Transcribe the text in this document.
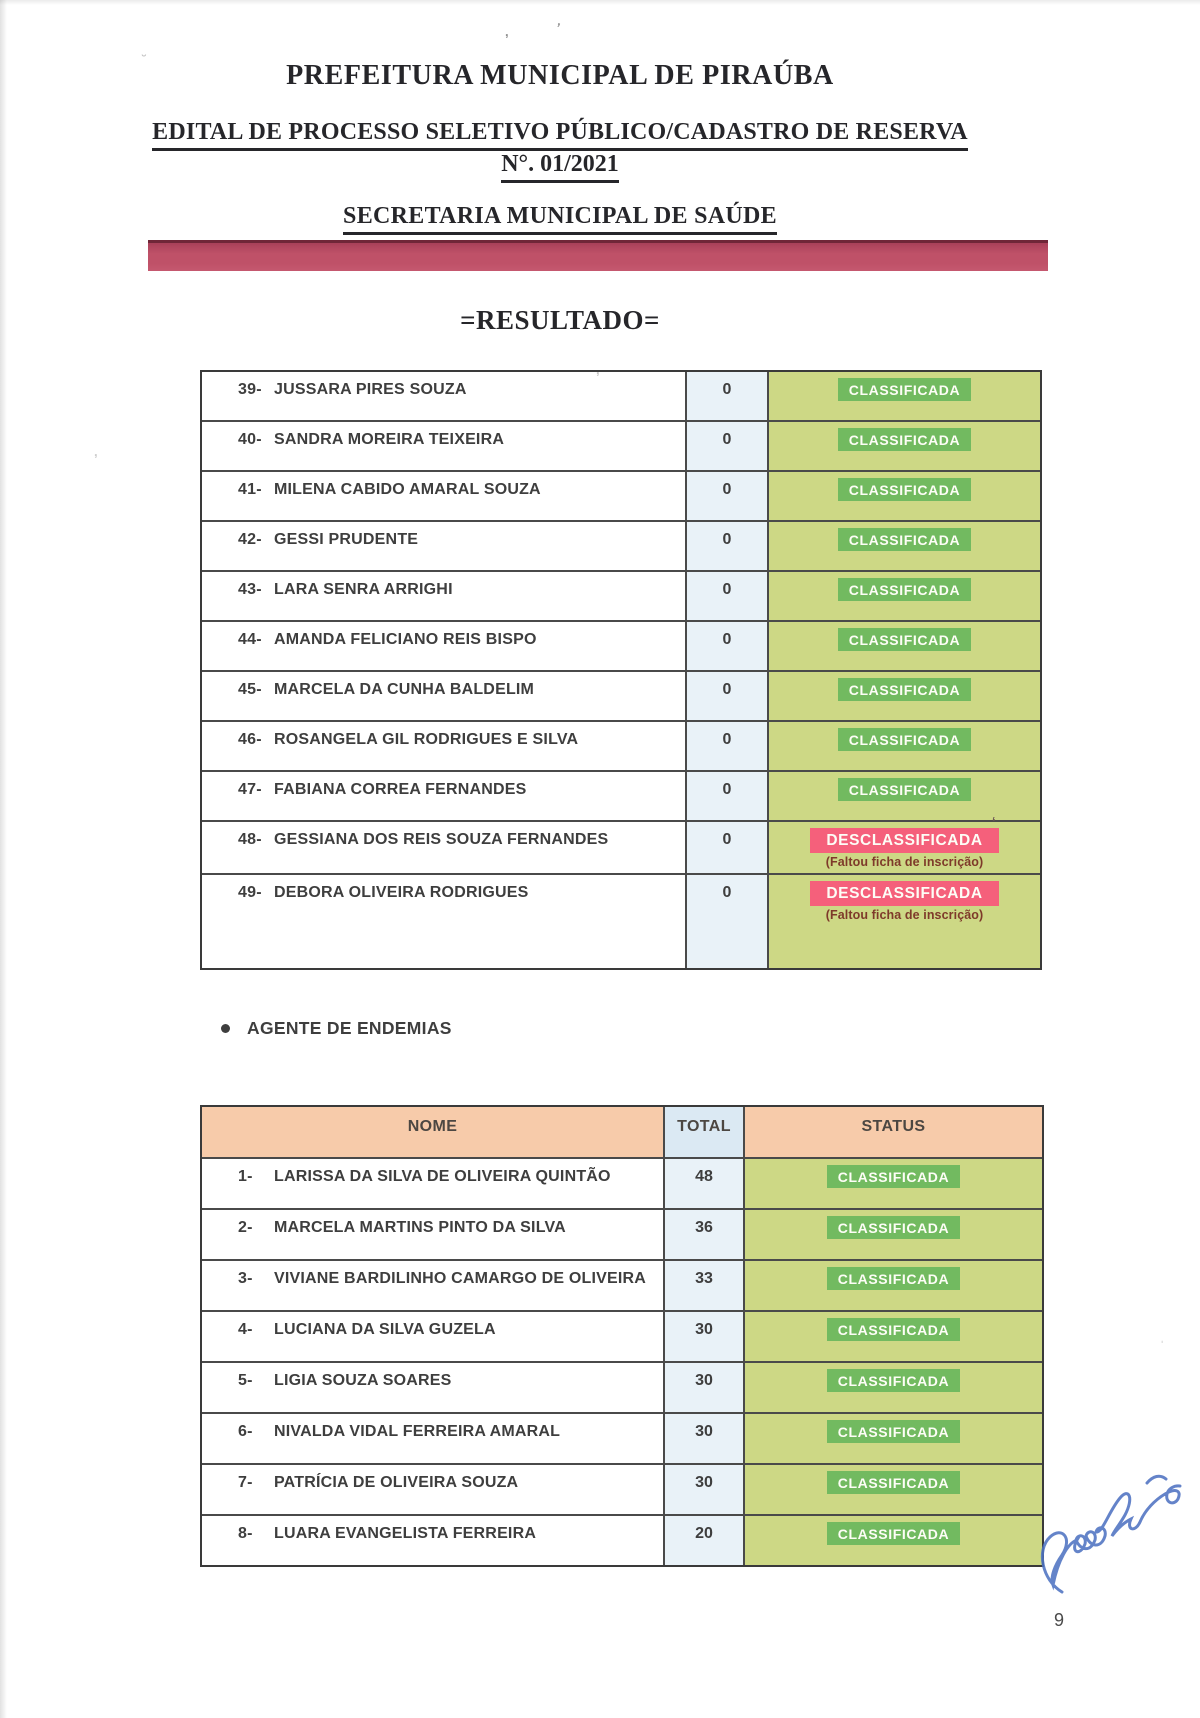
PREFEITURA MUNICIPAL DE PIRAÚBA
EDITAL DE PROCESSO SELETIVO PÚBLICO/CADASTRO DE RESERVA
N°. 01/2021
SECRETARIA MUNICIPAL DE SAÚDE
=RESULTADO=
39- JUSSARA PIRES SOUZA	0	CLASSIFICADA
40- SANDRA MOREIRA TEIXEIRA	0	CLASSIFICADA
41- MILENA CABIDO AMARAL SOUZA	0	CLASSIFICADA
42- GESSI PRUDENTE	0	CLASSIFICADA
43- LARA SENRA ARRIGHI	0	CLASSIFICADA
44- AMANDA FELICIANO REIS BISPO	0	CLASSIFICADA
45- MARCELA DA CUNHA BALDELIM	0	CLASSIFICADA
46- ROSANGELA GIL RODRIGUES E SILVA	0	CLASSIFICADA
47- FABIANA CORREA FERNANDES	0	CLASSIFICADA
48- GESSIANA DOS REIS SOUZA FERNANDES	0	DESCLASSIFICADA
(Faltou ficha de inscrição)
49- DEBORA OLIVEIRA RODRIGUES	0	DESCLASSIFICADA
(Faltou ficha de inscrição)
AGENTE DE ENDEMIAS
NOME	TOTAL	STATUS
1- LARISSA DA SILVA DE OLIVEIRA QUINTÃO	48	CLASSIFICADA
2- MARCELA MARTINS PINTO DA SILVA	36	CLASSIFICADA
3- VIVIANE BARDILINHO CAMARGO DE OLIVEIRA	33	CLASSIFICADA
4- LUCIANA DA SILVA GUZELA	30	CLASSIFICADA
5- LIGIA SOUZA SOARES	30	CLASSIFICADA
6- NIVALDA VIDAL FERREIRA AMARAL	30	CLASSIFICADA
7- PATRÍCIA DE OLIVEIRA SOUZA	30	CLASSIFICADA
8- LUARA EVANGELISTA FERREIRA	20	CLASSIFICADA
9
,	’
˘
,
,
‘
ˈ
